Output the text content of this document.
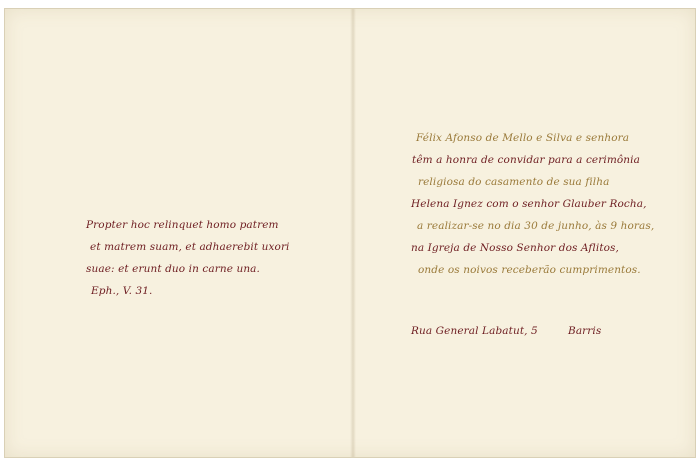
Propter hoc relinquet homo patrem
et matrem suam, et adhaerebit uxori
suae: et erunt duo in carne una.
Eph., V. 31.
Félix Afonso de Mello e Silva e senhora
têm a honra de convidar para a cerimônia
religiosa do casamento de sua filha
Helena Ignez com o senhor Glauber Rocha,
a realizar-se no dia 30 de junho, às 9 horas,
na Igreja de Nosso Senhor dos Aflitos,
onde os noivos receberão cumprimentos.
Rua General Labatut, 5	Barris
